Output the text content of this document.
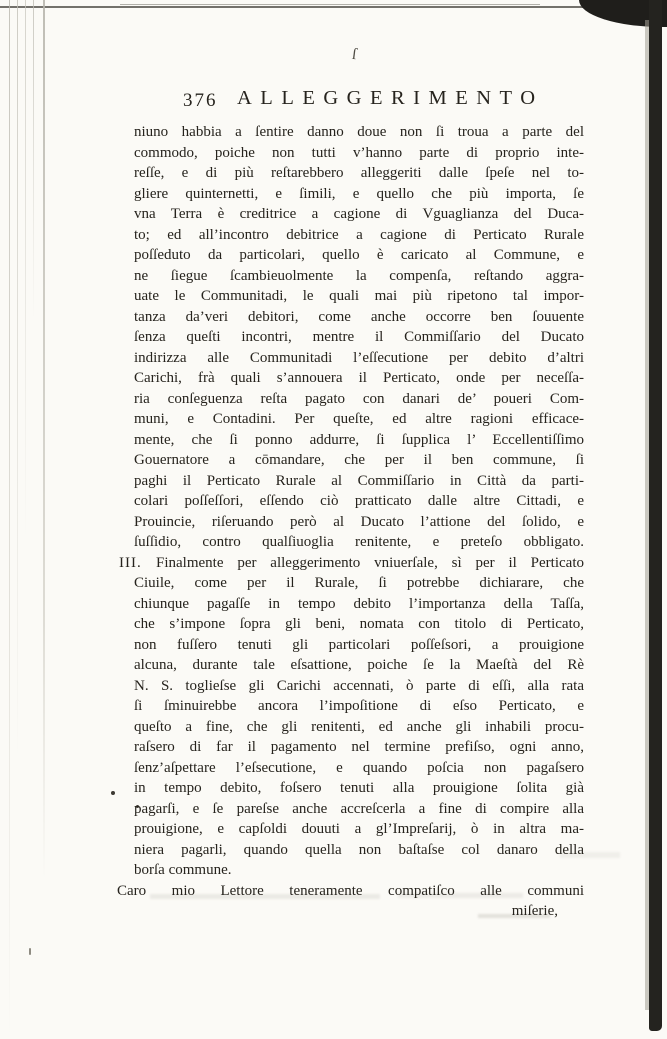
ſ
376 ALLEGGERIMENTO
niuno habbia a ſentire danno doue non ſi troua a parte del
commodo, poiche non tutti v’hanno parte di proprio inte-
reſſe, e di più reſtarebbero alleggeriti dalle ſpeſe nel to-
gliere quinternetti, e ſimili, e quello che più importa, ſe
vna Terra è creditrice a cagione di Vguaglianza del Duca-
to; ed all’incontro debitrice a cagione di Perticato Rurale
poſſeduto da particolari, quello è caricato al Commune, e
ne ſiegue ſcambieuolmente la compenſa, reſtando aggra-
uate le Communitadi, le quali mai più ripetono tal impor-
tanza da’veri debitori, come anche occorre ben ſouuente
ſenza queſti incontri, mentre il Commiſſario del Ducato
indirizza alle Communitadi l’eſſecutione per debito d’altri
Carichi, frà quali s’annouera il Perticato, onde per neceſſa-
ria conſeguenza reſta pagato con danari de’ poueri Com-
muni, e Contadini. Per queſte, ed altre ragioni efficace-
mente, che ſi ponno addurre, ſi ſupplica l’ Eccellentiſſimo
Gouernatore a cōmandare, che per il ben commune, ſi
paghi il Perticato Rurale al Commiſſario in Città da parti-
colari poſſeſſori, eſſendo ciò pratticato dalle altre Cittadi, e
Prouincie, riſeruando però al Ducato l’attione del ſolido, e
ſuſſidio, contro qualſiuoglia renitente, e preteſo obbligato.
III. Finalmente per alleggerimento vniuerſale, sì per il Perticato
Ciuile, come per il Rurale, ſi potrebbe dichiarare, che
chiunque pagaſſe in tempo debito l’importanza della Taſſa,
che s’impone ſopra gli beni, nomata con titolo di Perticato,
non fuſſero tenuti gli particolari poſſeſsori, a prouigione
alcuna, durante tale eſsattione, poiche ſe la Maeſtà del Rè
N. S. toglieſse gli Carichi accennati, ò parte di eſſi, alla rata
ſi ſminuirebbe ancora l’impoſitione di eſso Perticato, e
queſto a fine, che gli renitenti, ed anche gli inhabili procu-
raſsero di far il pagamento nel termine prefiſso, ogni anno,
ſenz’aſpettare l’eſsecutione, e quando poſcia non pagaſsero
in tempo debito, foſsero tenuti alla prouigione ſolita già
pagarſi, e ſe pareſse anche accreſcerla a fine di compire alla
prouigione, e capſoldi douuti a gl’Impreſarij, ò in altra ma-
niera pagarli, quando quella non baſtaſse col danaro della
borſa commune.
Caro mio Lettore teneramente compatiſco alle communi
miſerie,
